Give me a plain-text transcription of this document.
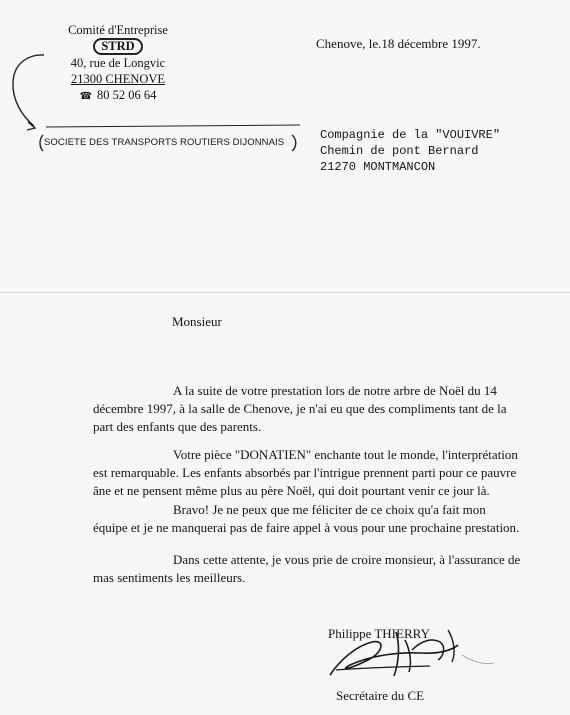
Comité d'Entreprise
STRD
40, rue de Longvic
21300 CHENOVE
☎ 80 52 06 64
Chenove, le.18 décembre 1997.
SOCIETE DES TRANSPORTS ROUTIERS DIJONNAIS
Compagnie de la "VOUIVRE"
Chemin de pont Bernard
21270 MONTMANCON
Monsieur
A la suite de votre prestation lors de notre arbre de Noël du 14 décembre 1997, à la salle de Chenove, je n'ai eu que des compliments tant de la part des enfants que des parents.
Votre pièce "DONATIEN" enchante tout le monde, l'interprétation est remarquable. Les enfants absorbés par l'intrigue prennent parti pour ce pauvre âne et ne pensent même plus au père Noël, qui doit pourtant venir ce jour là.
Bravo! Je ne peux que me féliciter de ce choix qu'a fait mon équipe et je ne manquerai pas de faire appel à vous pour une prochaine prestation.
Dans cette attente, je vous prie de croire monsieur, à l'assurance de mas sentiments les meilleurs.
Philippe THIERRY
Secrétaire du CE
